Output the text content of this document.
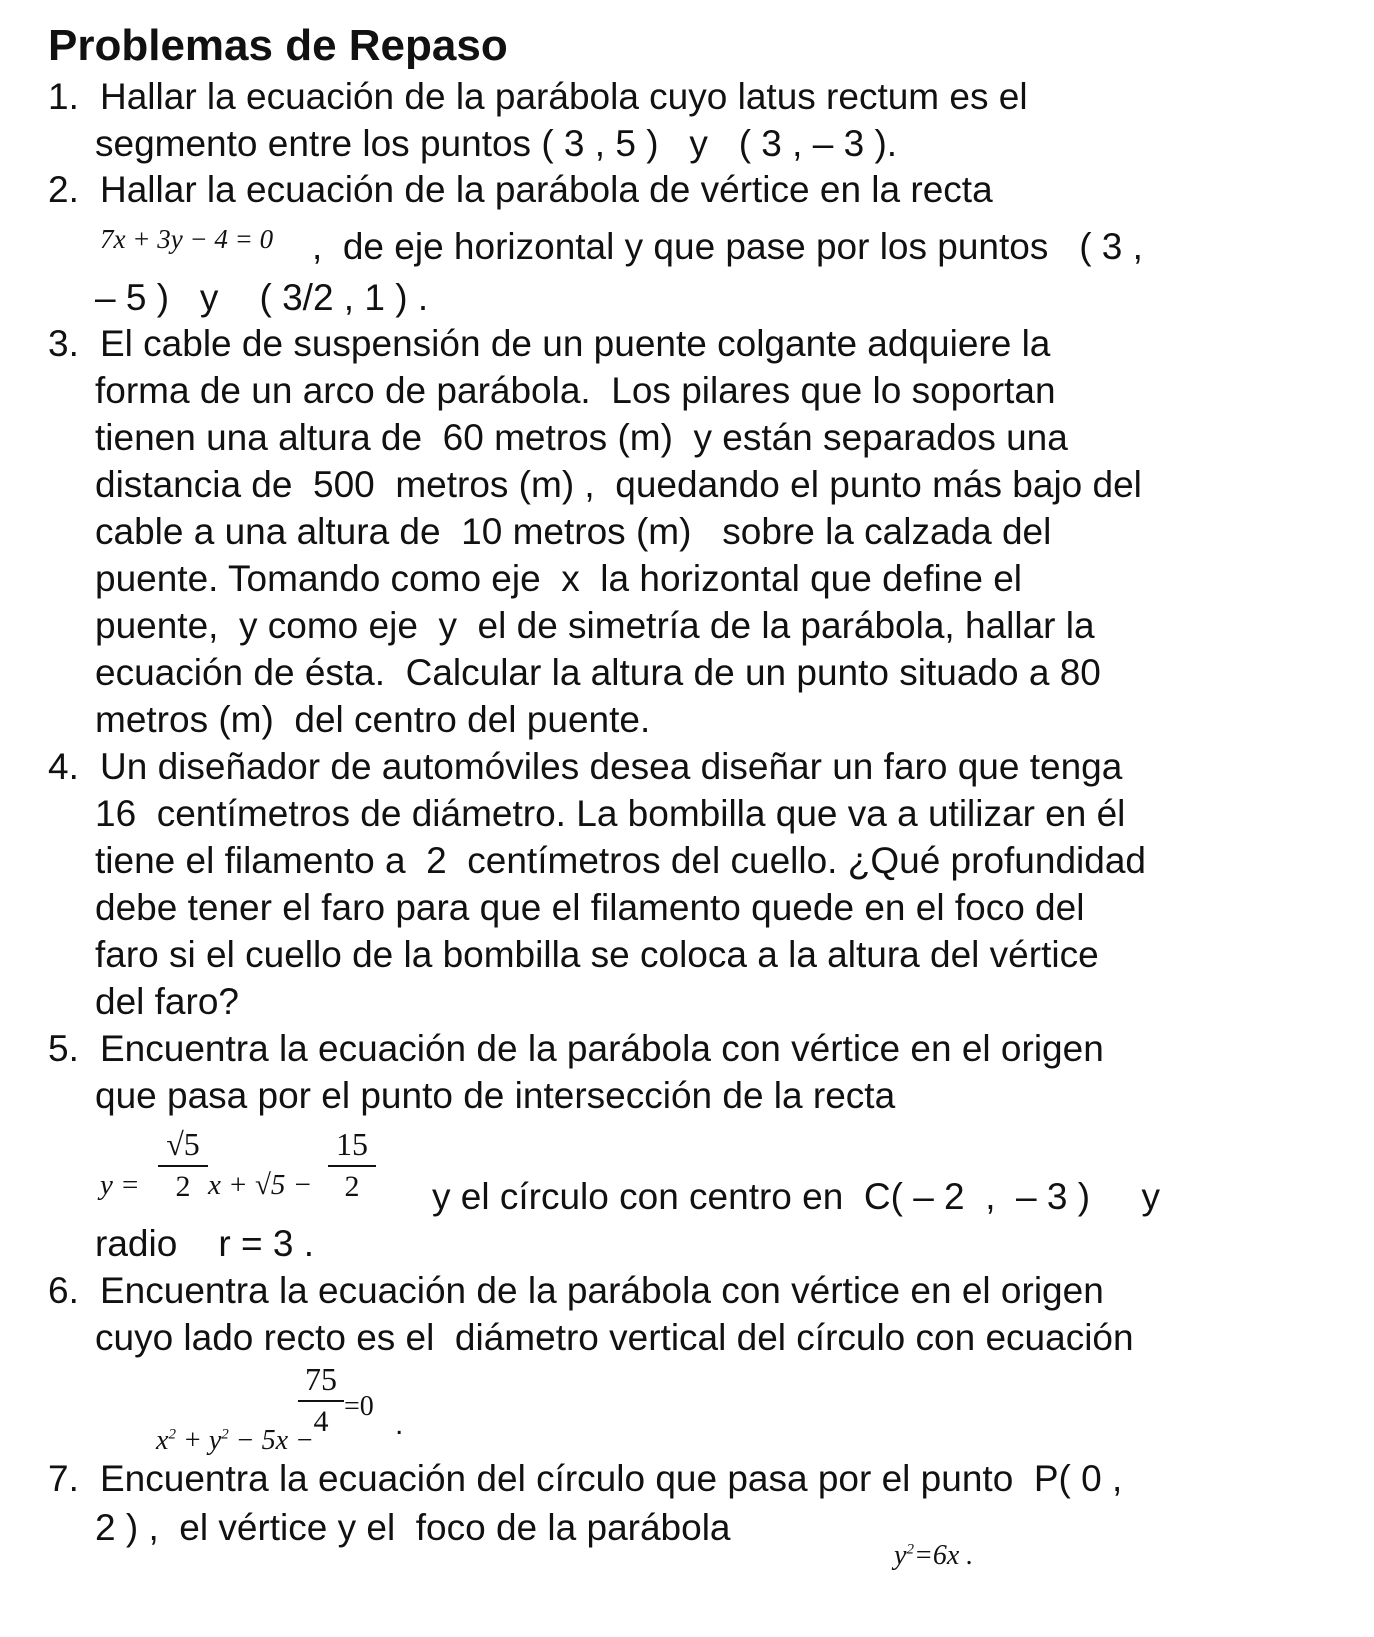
Problemas de Repaso
1. Hallar la ecuación de la parábola cuyo latus rectum es el
segmento entre los puntos ( 3 , 5 )   y   ( 3 , – 3 ).
2. Hallar la ecuación de la parábola de vértice en la recta
7x + 3y − 4 = 0 ,  de eje horizontal y que pase por los puntos   ( 3 ,
– 5 )   y    ( 3/2 , 1 ) .
3. El cable de suspensión de un puente colgante adquiere la
forma de un arco de parábola.  Los pilares que lo soportan
tienen una altura de  60 metros (m)  y están separados una
distancia de  500  metros (m) ,  quedando el punto más bajo del
cable a una altura de  10 metros (m)   sobre la calzada del
puente. Tomando como eje  x  la horizontal que define el
puente,  y como eje  y  el de simetría de la parábola, hallar la
ecuación de ésta.  Calcular la altura de un punto situado a 80
metros (m)  del centro del puente.
4. Un diseñador de automóviles desea diseñar un faro que tenga
16  centímetros de diámetro. La bombilla que va a utilizar en él
tiene el filamento a  2  centímetros del cuello. ¿Qué profundidad
debe tener el faro para que el filamento quede en el foco del
faro si el cuello de la bombilla se coloca a la altura del vértice
del faro?
5. Encuentra la ecuación de la parábola con vértice en el origen
que pasa por el punto de intersección de la recta
y =
√5
2 x + √5 −
15
2	y el círculo con centro en  C( – 2  ,  – 3 )     y
radio    r = 3 .
6. Encuentra la ecuación de la parábola con vértice en el origen
cuyo lado recto es el  diámetro vertical del círculo con ecuación

$x^2 + y^2 - 5x$ −

75
4 =0
.
7. Encuentra la ecuación del círculo que pasa por el punto  P( 0 ,
2 ) ,  el vértice y el  foco de la parábola

$y^2=6x$ .
